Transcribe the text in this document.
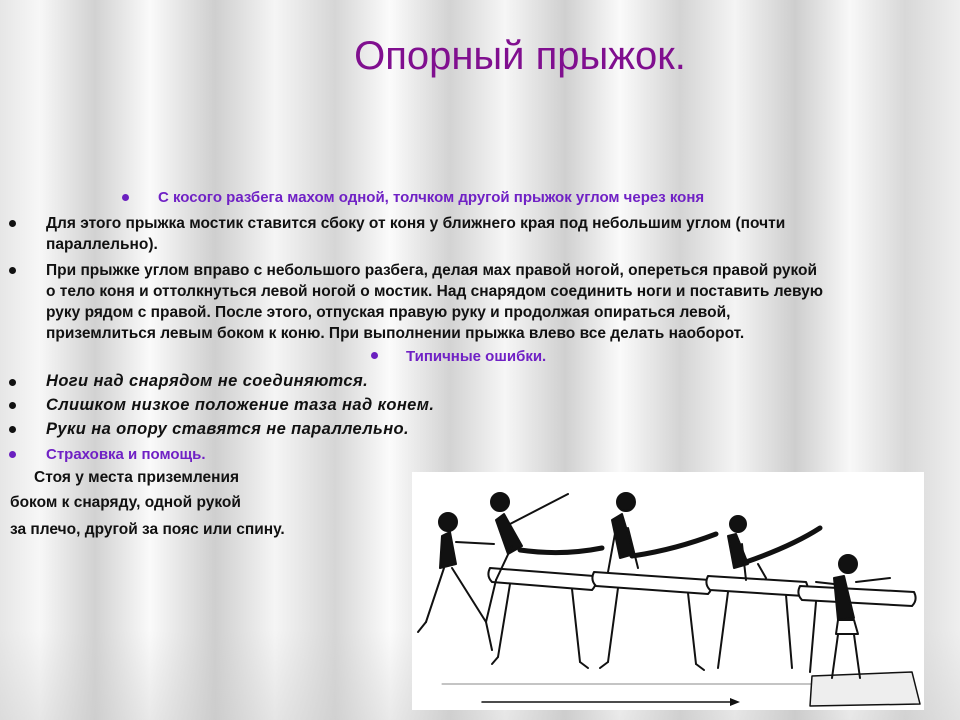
Опорный прыжок.
С косого разбега махом одной, толчком другой прыжок углом через коня
Для этого прыжка мостик ставится сбоку от коня у ближнего края под небольшим углом (почти
параллельно).
При прыжке углом вправо с небольшого разбега, делая мах правой ногой, опереться правой рукой
о тело коня и оттолкнуться левой ногой о мостик. Над снарядом соединить ноги и поставить левую
руку рядом с правой. После этого, отпуская правую руку и продолжая опираться левой,
приземлиться левым боком к коню. При выполнении прыжка влево все делать наоборот.
Типичные ошибки.
Ноги над снарядом не соединяются.
Слишком низкое положение таза над конем.
Руки на опору ставятся не параллельно.
Страховка и помощь.
Стоя у места приземления
боком к снаряду, одной рукой
за плечо, другой за пояс или спину.
